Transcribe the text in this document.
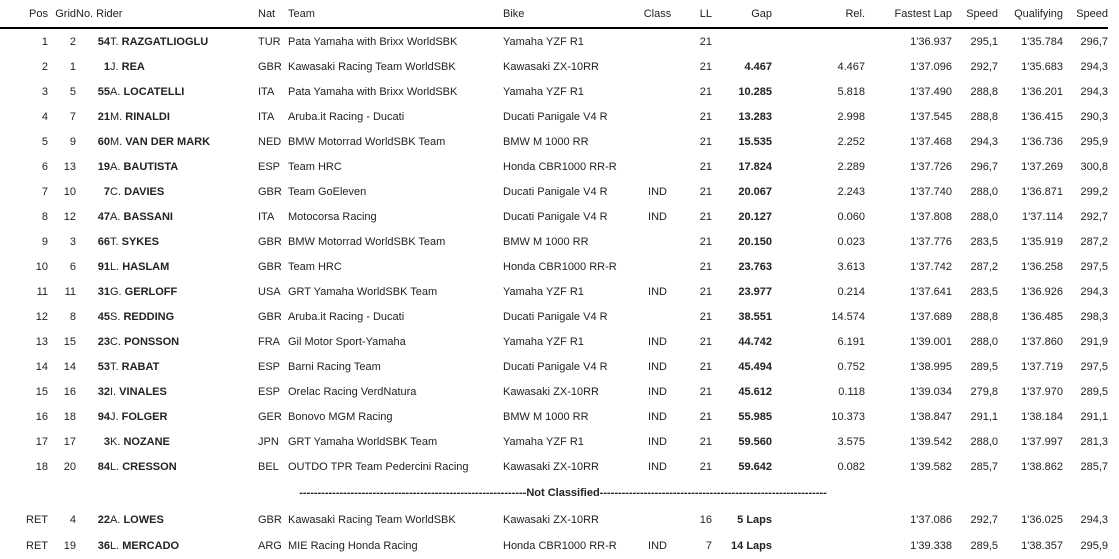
Pos	Grid	No. Rider		Nat	Team	Bike	Class	LL	Gap	Rel.	Fastest Lap	Speed	Qualifying	Speed
1	2	54	T. RAZGATLIOGLU	TUR	Pata Yamaha with Brixx WorldSBK	Yamaha YZF R1		21			1'36.937	295,1	1'35.784	296,7
2	1	1	J. REA	GBR	Kawasaki Racing Team WorldSBK	Kawasaki ZX-10RR		21	4.467	4.467	1'37.096	292,7	1'35.683	294,3
3	5	55	A. LOCATELLI	ITA	Pata Yamaha with Brixx WorldSBK	Yamaha YZF R1		21	10.285	5.818	1'37.490	288,8	1'36.201	294,3
4	7	21	M. RINALDI	ITA	Aruba.it Racing - Ducati	Ducati Panigale V4 R		21	13.283	2.998	1'37.545	288,8	1'36.415	290,3
5	9	60	M. VAN DER MARK	NED	BMW Motorrad WorldSBK Team	BMW M 1000 RR		21	15.535	2.252	1'37.468	294,3	1'36.736	295,9
6	13	19	A. BAUTISTA	ESP	Team HRC	Honda CBR1000 RR-R		21	17.824	2.289	1'37.726	296,7	1'37.269	300,8
7	10	7	C. DAVIES	GBR	Team GoEleven	Ducati Panigale V4 R	IND	21	20.067	2.243	1'37.740	288,0	1'36.871	299,2
8	12	47	A. BASSANI	ITA	Motocorsa Racing	Ducati Panigale V4 R	IND	21	20.127	0.060	1'37.808	288,0	1'37.114	292,7
9	3	66	T. SYKES	GBR	BMW Motorrad WorldSBK Team	BMW M 1000 RR		21	20.150	0.023	1'37.776	283,5	1'35.919	287,2
10	6	91	L. HASLAM	GBR	Team HRC	Honda CBR1000 RR-R		21	23.763	3.613	1'37.742	287,2	1'36.258	297,5
11	11	31	G. GERLOFF	USA	GRT Yamaha WorldSBK Team	Yamaha YZF R1	IND	21	23.977	0.214	1'37.641	283,5	1'36.926	294,3
12	8	45	S. REDDING	GBR	Aruba.it Racing - Ducati	Ducati Panigale V4 R		21	38.551	14.574	1'37.689	288,8	1'36.485	298,3
13	15	23	C. PONSSON	FRA	Gil Motor Sport-Yamaha	Yamaha YZF R1	IND	21	44.742	6.191	1'39.001	288,0	1'37.860	291,9
14	14	53	T. RABAT	ESP	Barni Racing Team	Ducati Panigale V4 R	IND	21	45.494	0.752	1'38.995	289,5	1'37.719	297,5
15	16	32	I. VINALES	ESP	Orelac Racing VerdNatura	Kawasaki ZX-10RR	IND	21	45.612	0.118	1'39.034	279,8	1'37.970	289,5
16	18	94	J. FOLGER	GER	Bonovo MGM Racing	BMW M 1000 RR	IND	21	55.985	10.373	1'38.847	291,1	1'38.184	291,1
17	17	3	K. NOZANE	JPN	GRT Yamaha WorldSBK Team	Yamaha YZF R1	IND	21	59.560	3.575	1'39.542	288,0	1'37.997	281,3
18	20	84	L. CRESSON	BEL	OUTDO TPR Team Pedercini Racing	Kawasaki ZX-10RR	IND	21	59.642	0.082	1'39.582	285,7	1'38.862	285,7
--------------------------------------------------------------Not Classified--------------------------------------------------------------														
RET	4	22	A. LOWES	GBR	Kawasaki Racing Team WorldSBK	Kawasaki ZX-10RR		16	5 Laps		1'37.086	292,7	1'36.025	294,3
RET	19	36	L. MERCADO	ARG	MIE Racing Honda Racing	Honda CBR1000 RR-R	IND	7	14 Laps		1'39.338	289,5	1'38.357	295,9
